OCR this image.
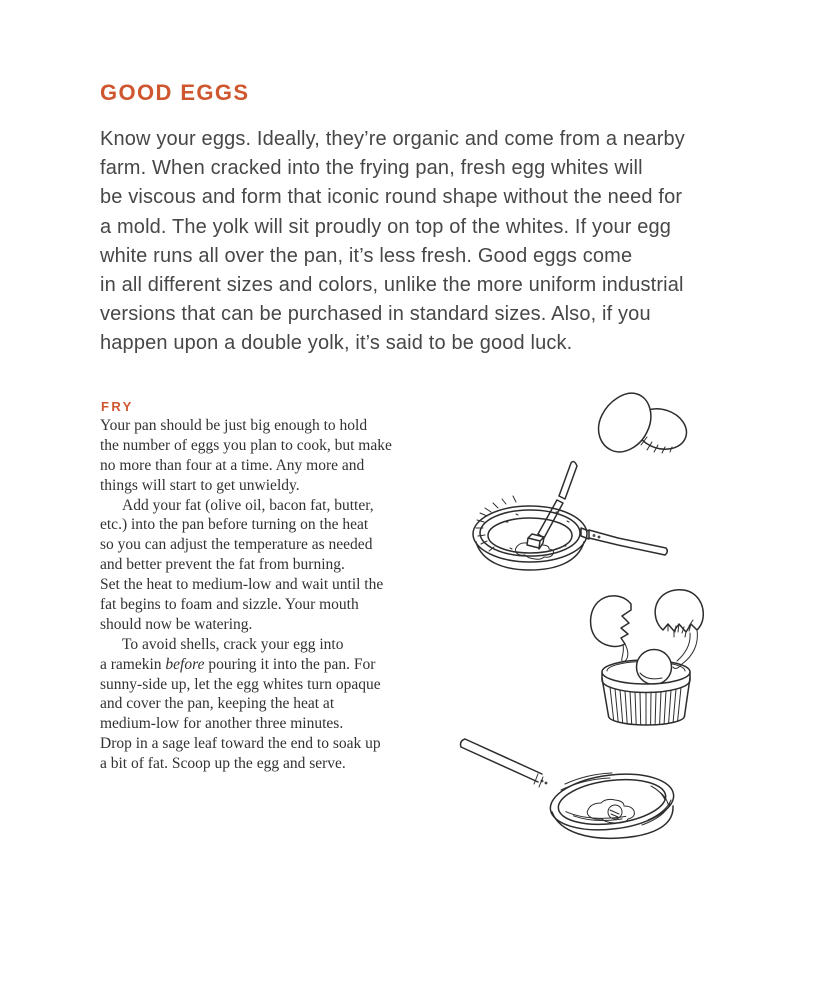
GOOD EGGS
Know your eggs. Ideally, they’re organic and come from a nearby
farm. When cracked into the frying pan, fresh egg whites will
be viscous and form that iconic round shape without the need for
a mold. The yolk will sit proudly on top of the whites. If your egg
white runs all over the pan, it’s less fresh. Good eggs come
in all different sizes and colors, unlike the more uniform industrial
versions that can be purchased in standard sizes. Also, if you
happen upon a double yolk, it’s said to be good luck.
FRY
Your pan should be just big enough to hold
the number of eggs you plan to cook, but make
no more than four at a time. Any more and
things will start to get unwieldy.
Add your fat (olive oil, bacon fat, butter,
etc.) into the pan before turning on the heat
so you can adjust the temperature as needed
and better prevent the fat from burning.
Set the heat to medium-low and wait until the
fat begins to foam and sizzle. Your mouth
should now be watering.
To avoid shells, crack your egg into
a ramekin before pouring it into the pan. For
sunny-side up, let the egg whites turn opaque
and cover the pan, keeping the heat at
medium-low for another three minutes.
Drop in a sage leaf toward the end to soak up
a bit of fat. Scoop up the egg and serve.
